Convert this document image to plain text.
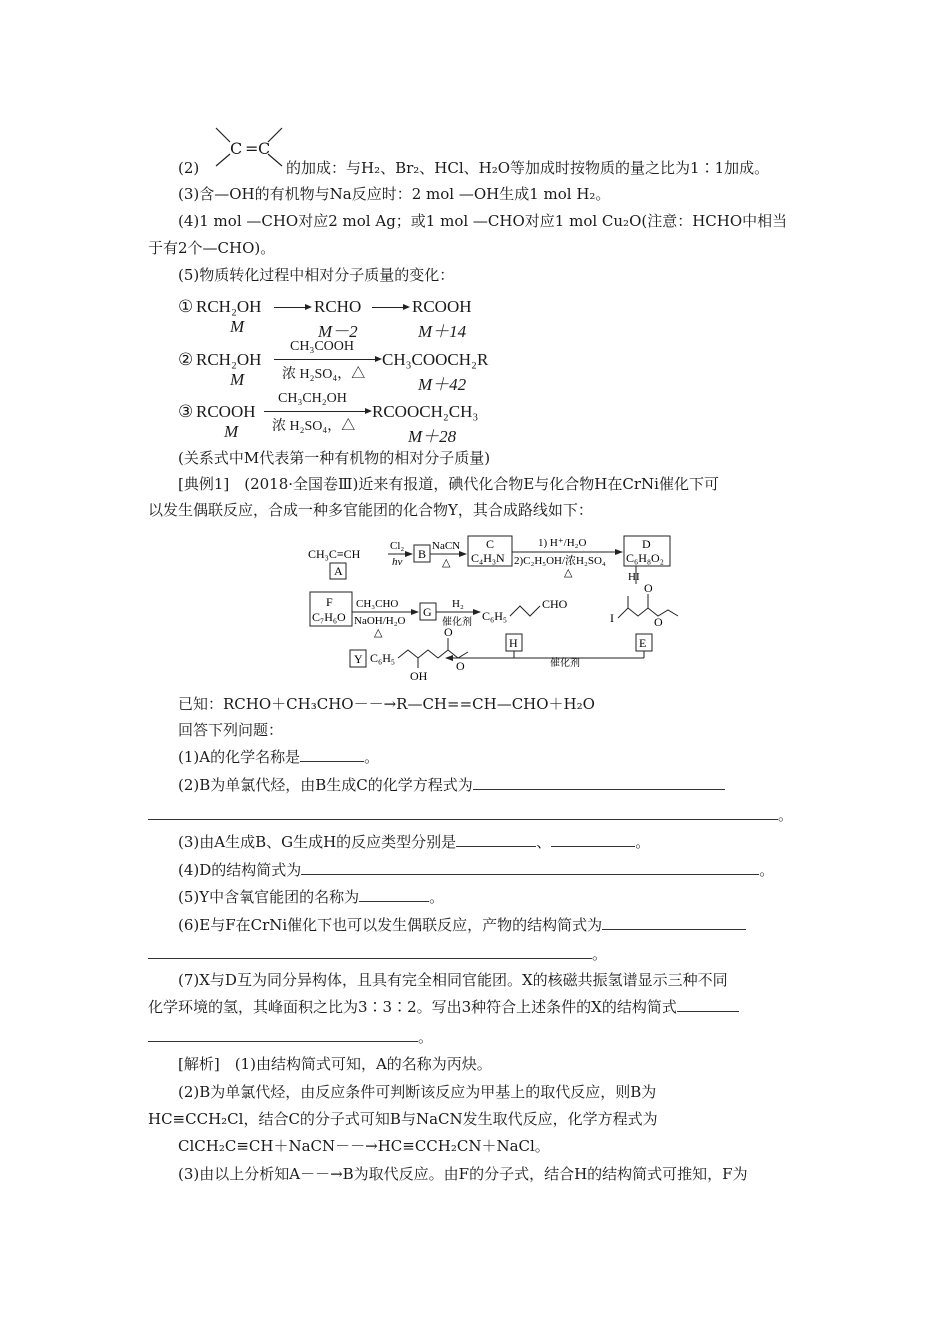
C = C
(2)	的加成：与H₂、Br₂、HCl、H₂O等加成时按物质的量之比为1∶1加成。
(3)含—OH的有机物与Na反应时：2 mol —OH生成1 mol H₂。
(4)1 mol —CHO对应2 mol Ag；或1 mol —CHO对应1 mol Cu₂O(注意：HCHO中相当
于有2个—CHO)。
(5)物质转化过程中相对分子质量的变化：
① RCH₂OH → RCHO → RCOOH
M	M－2	M＋14
② RCH₂OH
CH₃COOH
浓 H₂SO₄，△
CH₃COOCH₂R
M	M＋42
③ RCOOH
CH₃CH₂OH
浓 H₂SO₄，△
RCOOCH₂CH₃
M	M＋28
(关系式中M代表第一种有机物的相对分子质量)
[典例1]　(2018·全国卷Ⅲ)近来有报道，碘代化合物E与化合物H在CrNi催化下可
以发生偶联反应，合成一种多官能团的化合物Y，其合成路线如下：
CH₃C≡CH
A
Cl₂
hν
B
NaCN
△
C
C₄H₃N
1) H⁺/H₂O
2)C₂H₅OH/浓H₂SO₄
△
D
C₆H₈O₂
HI
F
C₇H₆O
CH₃CHO
NaOH/H₂O
△
G
H₂
催化剂 C₆H₅
CHO
I
O
O
H	E
催化剂
Y C₆H₅
OH
O
O
已知：RCHO＋CH₃CHO－－→R—CH==CH—CHO＋H₂O
回答下列问题：
(1)A的化学名称是	。
(2)B为单氯代烃，由B生成C的化学方程式为
。
(3)由A生成B、G生成H的反应类型分别是	、	。
(4)D的结构简式为	。
(5)Y中含氧官能团的名称为	。
(6)E与F在CrNi催化下也可以发生偶联反应，产物的结构简式为
。
(7)X与D互为同分异构体，且具有完全相同官能团。X的核磁共振氢谱显示三种不同
化学环境的氢，其峰面积之比为3∶3∶2。写出3种符合上述条件的X的结构简式
。
[解析]　(1)由结构简式可知，A的名称为丙炔。
(2)B为单氯代烃，由反应条件可判断该反应为甲基上的取代反应，则B为
HC≡CCH₂Cl，结合C的分子式可知B与NaCN发生取代反应，化学方程式为
ClCH₂C≡CH＋NaCN－－→HC≡CCH₂CN＋NaCl。
(3)由以上分析知A－－→B为取代反应。由F的分子式，结合H的结构简式可推知，F为
